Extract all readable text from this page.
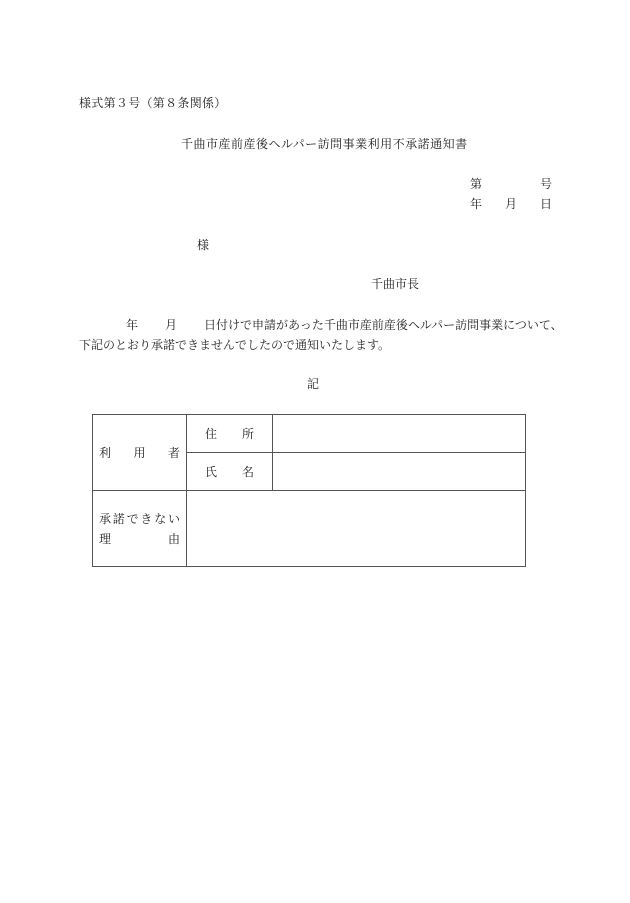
様式第３号（第８条関係）
千曲市産前産後ヘルパー訪問事業利用不承諾通知書
第	号
年 月 日
様
千曲市長
年 月 日付けで申請があった千曲市産前産後ヘルパー訪問事業について、
下記のとおり承諾できませんでしたので通知いたします。
記
利 用 者	住 所	

	氏 名	

承 諾 で き な い
理	由
